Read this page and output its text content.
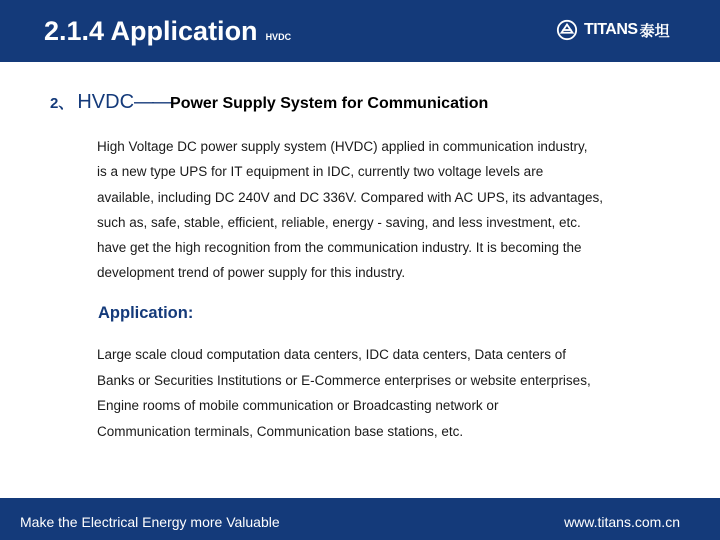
2.1.4 Application HVDC	TITANS 泰坦
2、 HVDC——Power Supply System for Communication

High Voltage DC power supply system (HVDC) applied in communication industry,
is a new type UPS for IT equipment in IDC, currently two voltage levels are
available, including DC 240V and DC 336V. Compared with AC UPS, its advantages,
such as, safe, stable, efficient, reliable, energy - saving, and less investment, etc.
have get the high recognition from the communication industry. It is becoming the
development trend of power supply for this industry.

Application:

Large scale cloud computation data centers, IDC data centers, Data centers of
Banks or Securities Institutions or E-Commerce enterprises or website enterprises,
Engine rooms of mobile communication or Broadcasting network or
Communication terminals, Communication base stations, etc.

Make the Electrical Energy more Valuable	www.titans.com.cn
